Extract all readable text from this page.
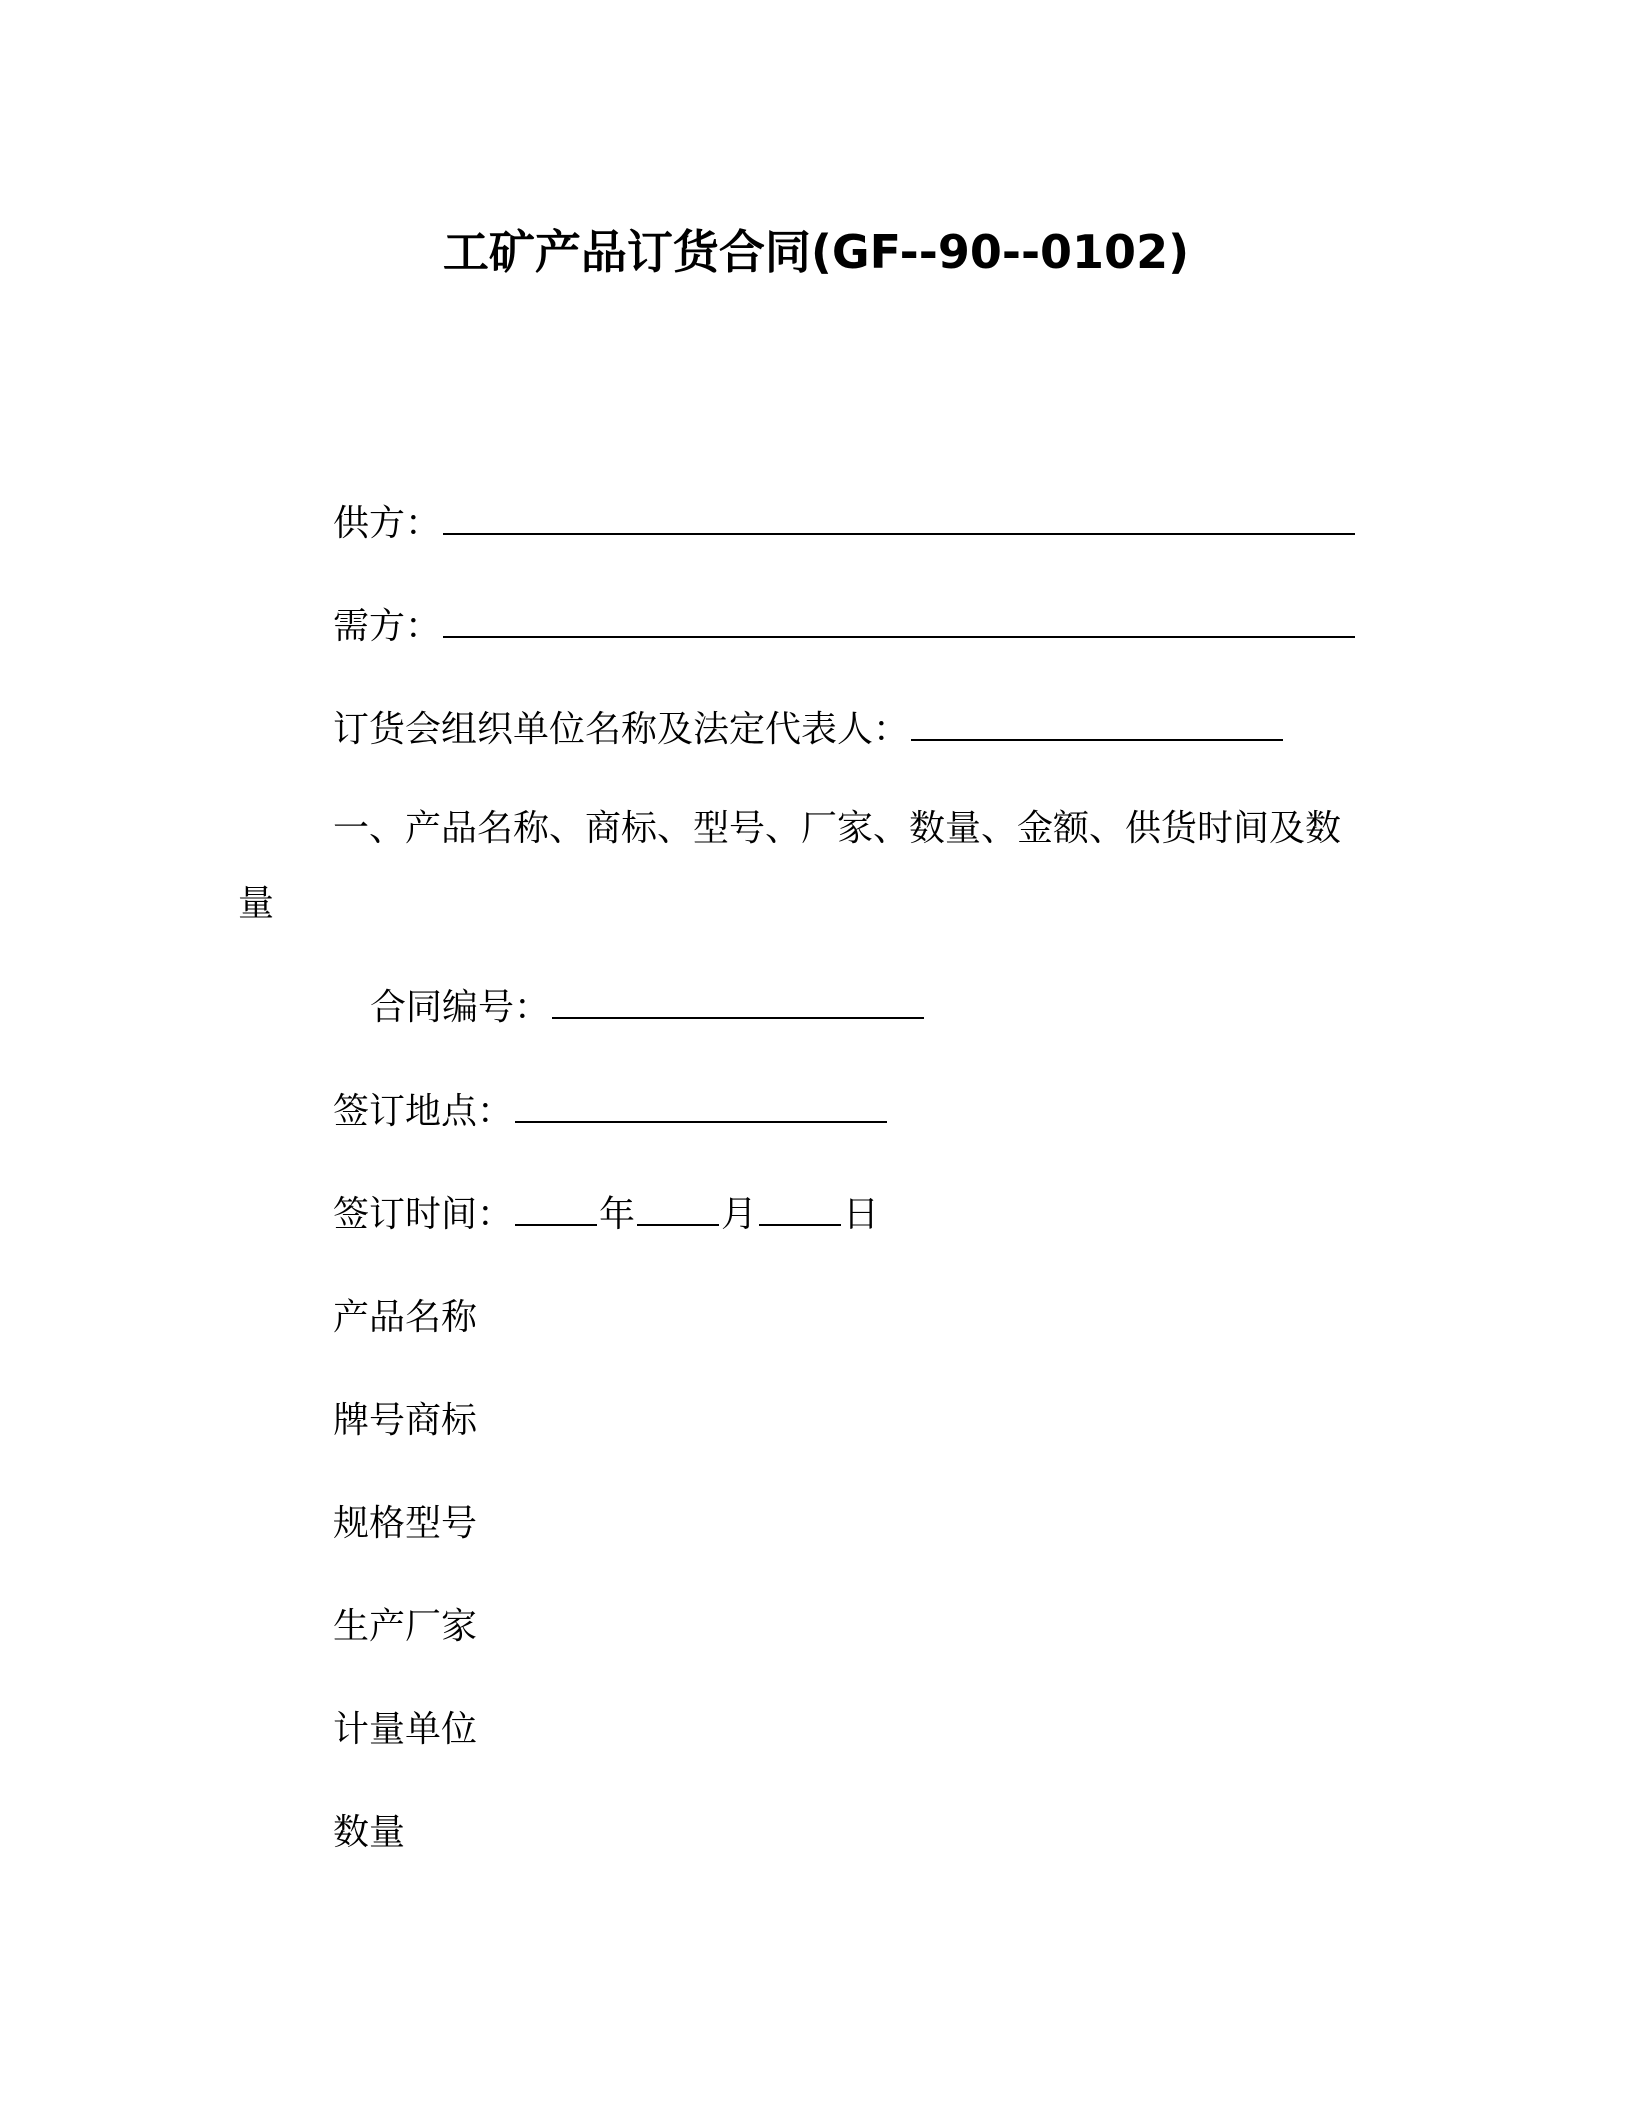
工矿产品订货合同(GF--90--0102)
供方：
需方：
订货会组织单位名称及法定代表人：
一、产品名称、商标、型号、厂家、数量、金额、供货时间及数
量
合同编号：
签订地点：
签订时间： 年 月 日
产品名称
牌号商标
规格型号
生产厂家
计量单位
数量
